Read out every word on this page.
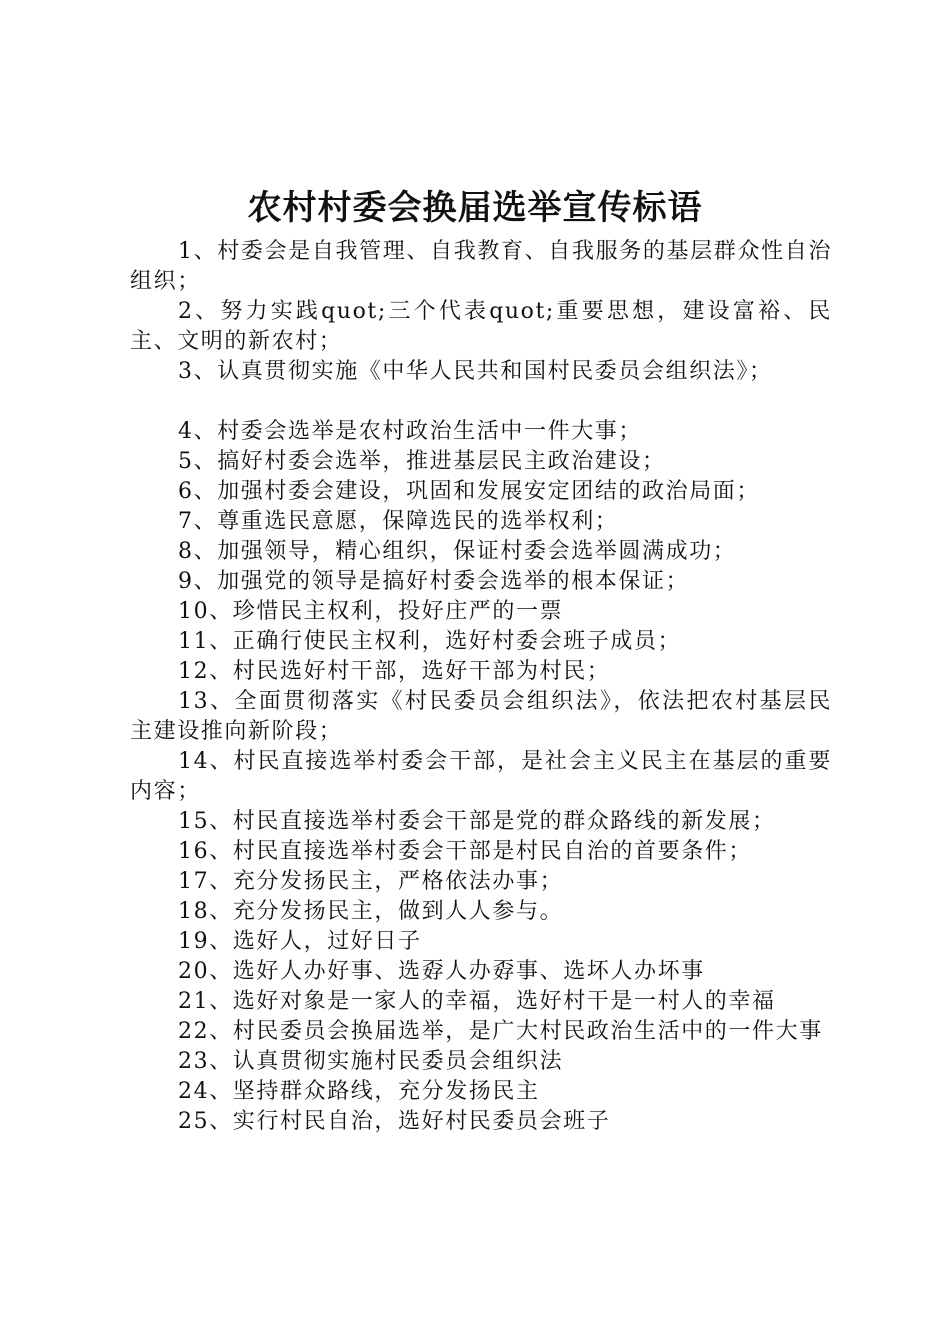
农村村委会换届选举宣传标语

1、村委会是自我管理、自我教育、自我服务的基层群众性自治组织；

2、努力实践quot;三个代表quot;重要思想，建设富裕、民主、文明的新农村；

3、认真贯彻实施《中华人民共和国村民委员会组织法》；

4、村委会选举是农村政治生活中一件大事；

5、搞好村委会选举，推进基层民主政治建设；

6、加强村委会建设，巩固和发展安定团结的政治局面；

7、尊重选民意愿，保障选民的选举权利；

8、加强领导，精心组织，保证村委会选举圆满成功；

9、加强党的领导是搞好村委会选举的根本保证；

10、珍惜民主权利，投好庄严的一票

11、正确行使民主权利，选好村委会班子成员；

12、村民选好村干部，选好干部为村民；

13、全面贯彻落实《村民委员会组织法》，依法把农村基层民主建设推向新阶段；

14、村民直接选举村委会干部，是社会主义民主在基层的重要内容；

15、村民直接选举村委会干部是党的群众路线的新发展；

16、村民直接选举村委会干部是村民自治的首要条件；

17、充分发扬民主，严格依法办事；

18、充分发扬民主，做到人人参与。

19、选好人，过好日子

20、选好人办好事、选孬人办孬事、选坏人办坏事

21、选好对象是一家人的幸福，选好村干是一村人的幸福

22、村民委员会换届选举，是广大村民政治生活中的一件大事

23、认真贯彻实施村民委员会组织法

24、坚持群众路线，充分发扬民主

25、实行村民自治，选好村民委员会班子
